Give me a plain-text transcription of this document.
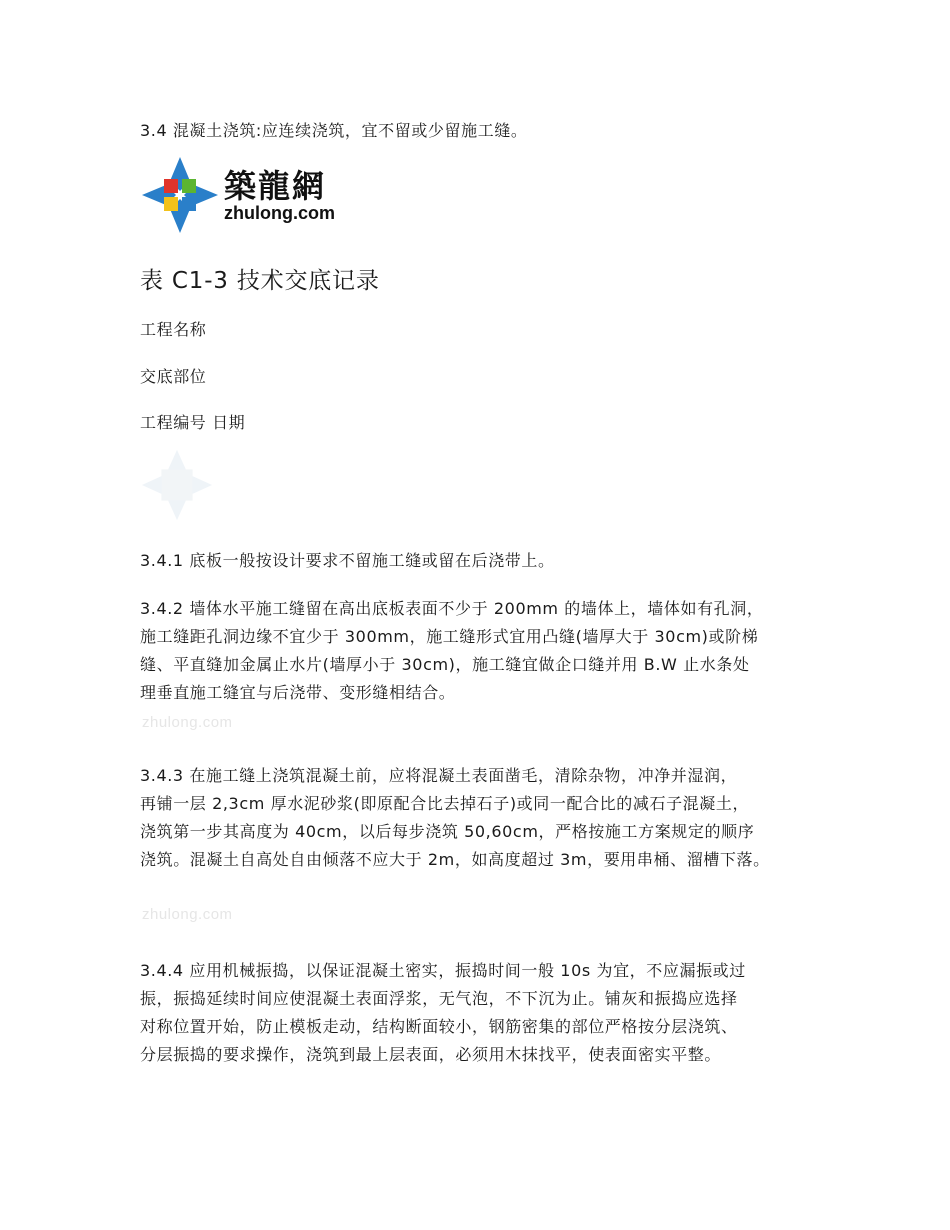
3.4 混凝土浇筑:应连续浇筑，宜不留或少留施工缝。
築龍網
zhulong.com
表 C1-3 技术交底记录
工程名称
交底部位
工程编号 日期
3.4.1 底板一般按设计要求不留施工缝或留在后浇带上。

3.4.2 墙体水平施工缝留在高出底板表面不少于 200mm 的墙体上，墙体如有孔洞，

施工缝距孔洞边缘不宜少于 300mm，施工缝形式宜用凸缝(墙厚大于 30cm)或阶梯

缝、平直缝加金属止水片(墙厚小于 30cm)，施工缝宜做企口缝并用 B.W 止水条处

理垂直施工缝宜与后浇带、变形缝相结合。

zhulong.com

3.4.3 在施工缝上浇筑混凝土前，应将混凝土表面凿毛，清除杂物，冲净并湿润，

再铺一层 2,3cm 厚水泥砂浆(即原配合比去掉石子)或同一配合比的减石子混凝土，

浇筑第一步其高度为 40cm，以后每步浇筑 50,60cm，严格按施工方案规定的顺序

浇筑。混凝土自高处自由倾落不应大于 2m，如高度超过 3m，要用串桶、溜槽下落。

zhulong.com

3.4.4 应用机械振捣，以保证混凝土密实，振捣时间一般 10s 为宜，不应漏振或过

振，振捣延续时间应使混凝土表面浮浆，无气泡，不下沉为止。铺灰和振捣应选择

对称位置开始，防止模板走动，结构断面较小，钢筋密集的部位严格按分层浇筑、

分层振捣的要求操作，浇筑到最上层表面，必须用木抹找平，使表面密实平整。
